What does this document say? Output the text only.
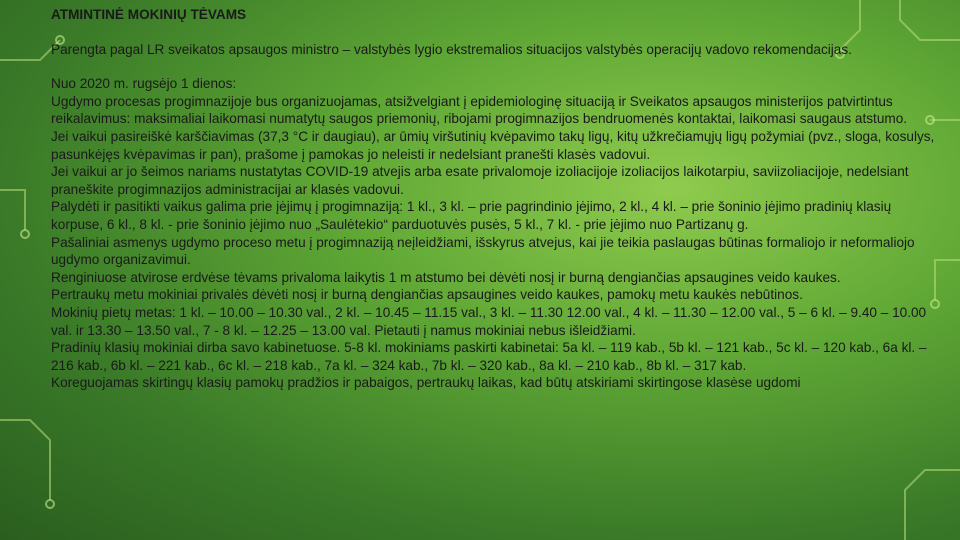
ATMINTINĖ MOKINIŲ TĖVAMS

Parengta pagal LR sveikatos apsaugos ministro – valstybės lygio ekstremalios situacijos valstybės operacijų vadovo rekomendacijas.

Nuo 2020 m. rugsėjo 1 dienos:

Ugdymo procesas progimnazijoje bus organizuojamas, atsižvelgiant į epidemiologinę situaciją ir Sveikatos apsaugos ministerijos patvirtintus reikalavimus: maksimaliai laikomasi numatytų saugos priemonių, ribojami progimnazijos bendruomenės kontaktai, laikomasi saugaus atstumo.

Jei vaikui pasireiškė karščiavimas (37,3 °C ir daugiau), ar ūmių viršutinių kvėpavimo takų ligų, kitų užkrečiamųjų ligų požymiai (pvz., sloga, kosulys, pasunkėjęs kvėpavimas ir pan), prašome į pamokas jo neleisti ir nedelsiant pranešti klasės vadovui.

Jei vaikui ar jo šeimos nariams nustatytas COVID-19 atvejis arba esate privalomoje izoliacijoje izoliacijos laikotarpiu, saviizoliacijoje, nedelsiant praneškite progimnazijos administracijai ar klasės vadovui.

Palydėti ir pasitikti vaikus galima prie įėjimų į progimnaziją: 1 kl., 3 kl. – prie pagrindinio įėjimo, 2 kl., 4 kl. – prie šoninio įėjimo pradinių klasių korpuse, 6 kl., 8 kl. - prie šoninio įėjimo nuo „Saulėtekio“ parduotuvės pusės, 5 kl., 7 kl. - prie įėjimo nuo Partizanų g.

Pašaliniai asmenys ugdymo proceso metu į progimnaziją neįleidžiami, išskyrus atvejus, kai jie teikia paslaugas būtinas formaliojo ir neformaliojo ugdymo organizavimui.

Renginiuose atvirose erdvėse tėvams privaloma laikytis 1 m atstumo bei dėvėti nosį ir burną dengiančias apsaugines veido kaukes.

Pertraukų metu mokiniai privalės dėvėti nosį ir burną dengiančias apsaugines veido kaukes, pamokų metu kaukės nebūtinos.

Mokinių pietų metas: 1 kl. – 10.00 – 10.30 val., 2 kl. – 10.45 – 11.15 val., 3 kl. – 11.30 12.00 val., 4 kl. – 11.30 – 12.00 val., 5 – 6 kl. – 9.40 – 10.00 val. ir 13.30 – 13.50 val., 7 - 8 kl. – 12.25 – 13.00 val. Pietauti į namus mokiniai nebus išleidžiami.

Pradinių klasių mokiniai dirba savo kabinetuose. 5-8 kl. mokiniams paskirti kabinetai: 5a kl. – 119 kab., 5b kl. – 121 kab., 5c kl. – 120 kab., 6a kl. – 216 kab., 6b kl. – 221 kab., 6c kl. – 218 kab., 7a kl. – 324 kab., 7b kl. – 320 kab., 8a kl. – 210 kab., 8b kl. – 317 kab.

Koreguojamas skirtingų klasių pamokų pradžios ir pabaigos, pertraukų laikas, kad būtų atskiriami skirtingose klasėse ugdomi
